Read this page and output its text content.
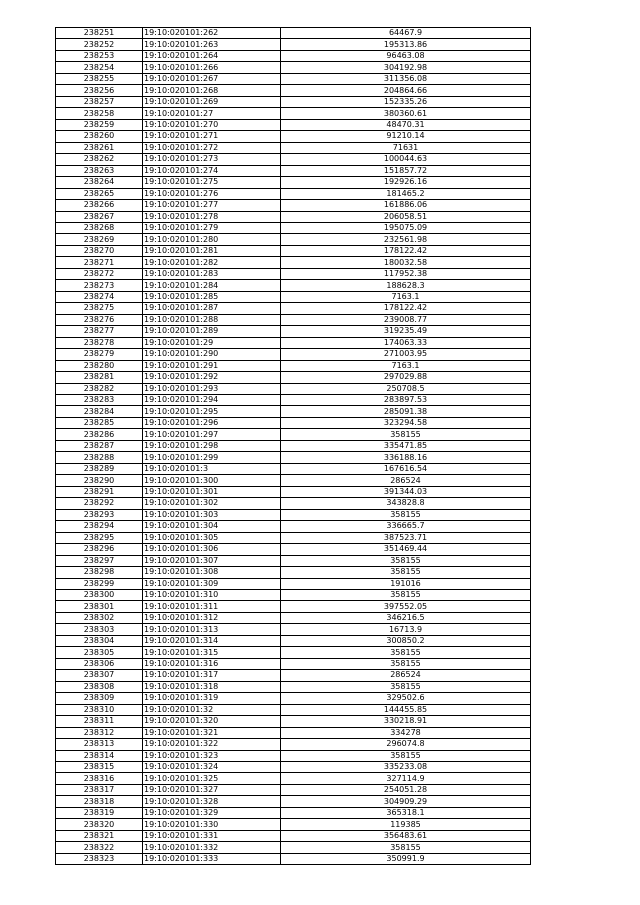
238251	19:10:020101:262	64467.9
238252	19:10:020101:263	195313.86
238253	19:10:020101:264	96463.08
238254	19:10:020101:266	304192.98
238255	19:10:020101:267	311356.08
238256	19:10:020101:268	204864.66
238257	19:10:020101:269	152335.26
238258	19:10:020101:27	380360.61
238259	19:10:020101:270	48470.31
238260	19:10:020101:271	91210.14
238261	19:10:020101:272	71631
238262	19:10:020101:273	100044.63
238263	19:10:020101:274	151857.72
238264	19:10:020101:275	192926.16
238265	19:10:020101:276	181465.2
238266	19:10:020101:277	161886.06
238267	19:10:020101:278	206058.51
238268	19:10:020101:279	195075.09
238269	19:10:020101:280	232561.98
238270	19:10:020101:281	178122.42
238271	19:10:020101:282	180032.58
238272	19:10:020101:283	117952.38
238273	19:10:020101:284	188628.3
238274	19:10:020101:285	7163.1
238275	19:10:020101:287	178122.42
238276	19:10:020101:288	239008.77
238277	19:10:020101:289	319235.49
238278	19:10:020101:29	174063.33
238279	19:10:020101:290	271003.95
238280	19:10:020101:291	7163.1
238281	19:10:020101:292	297029.88
238282	19:10:020101:293	250708.5
238283	19:10:020101:294	283897.53
238284	19:10:020101:295	285091.38
238285	19:10:020101:296	323294.58
238286	19:10:020101:297	358155
238287	19:10:020101:298	335471.85
238288	19:10:020101:299	336188.16
238289	19:10:020101:3	167616.54
238290	19:10:020101:300	286524
238291	19:10:020101:301	391344.03
238292	19:10:020101:302	343828.8
238293	19:10:020101:303	358155
238294	19:10:020101:304	336665.7
238295	19:10:020101:305	387523.71
238296	19:10:020101:306	351469.44
238297	19:10:020101:307	358155
238298	19:10:020101:308	358155
238299	19:10:020101:309	191016
238300	19:10:020101:310	358155
238301	19:10:020101:311	397552.05
238302	19:10:020101:312	346216.5
238303	19:10:020101:313	16713.9
238304	19:10:020101:314	300850.2
238305	19:10:020101:315	358155
238306	19:10:020101:316	358155
238307	19:10:020101:317	286524
238308	19:10:020101:318	358155
238309	19:10:020101:319	329502.6
238310	19:10:020101:32	144455.85
238311	19:10:020101:320	330218.91
238312	19:10:020101:321	334278
238313	19:10:020101:322	296074.8
238314	19:10:020101:323	358155
238315	19:10:020101:324	335233.08
238316	19:10:020101:325	327114.9
238317	19:10:020101:327	254051.28
238318	19:10:020101:328	304909.29
238319	19:10:020101:329	365318.1
238320	19:10:020101:330	119385
238321	19:10:020101:331	356483.61
238322	19:10:020101:332	358155
238323	19:10:020101:333	350991.9
